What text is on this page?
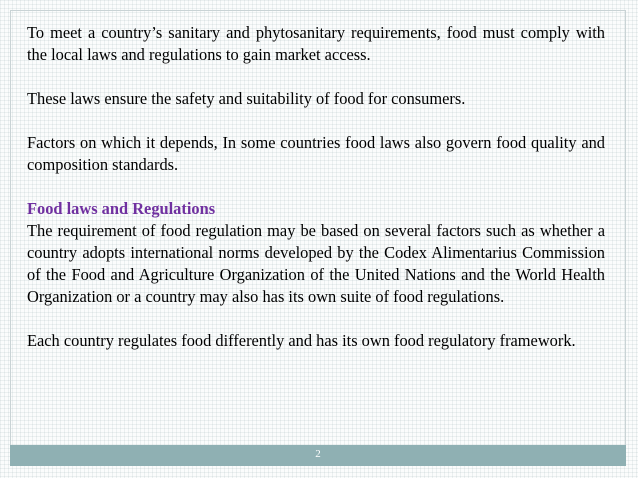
To meet a country’s sanitary and phytosanitary requirements, food must comply with the local laws and regulations to gain market access.

These laws ensure the safety and suitability of food for consumers.

Factors on which it depends, In some countries food laws also govern food quality and composition standards.

Food laws and Regulations
The requirement of food regulation may be based on several factors such as whether a country adopts international norms developed by the Codex Alimentarius Commission of the Food and Agriculture Organization of the United Nations and the World Health Organization or a country may also has its own suite of food regulations.

Each country regulates food differently and has its own food regulatory framework.

2
